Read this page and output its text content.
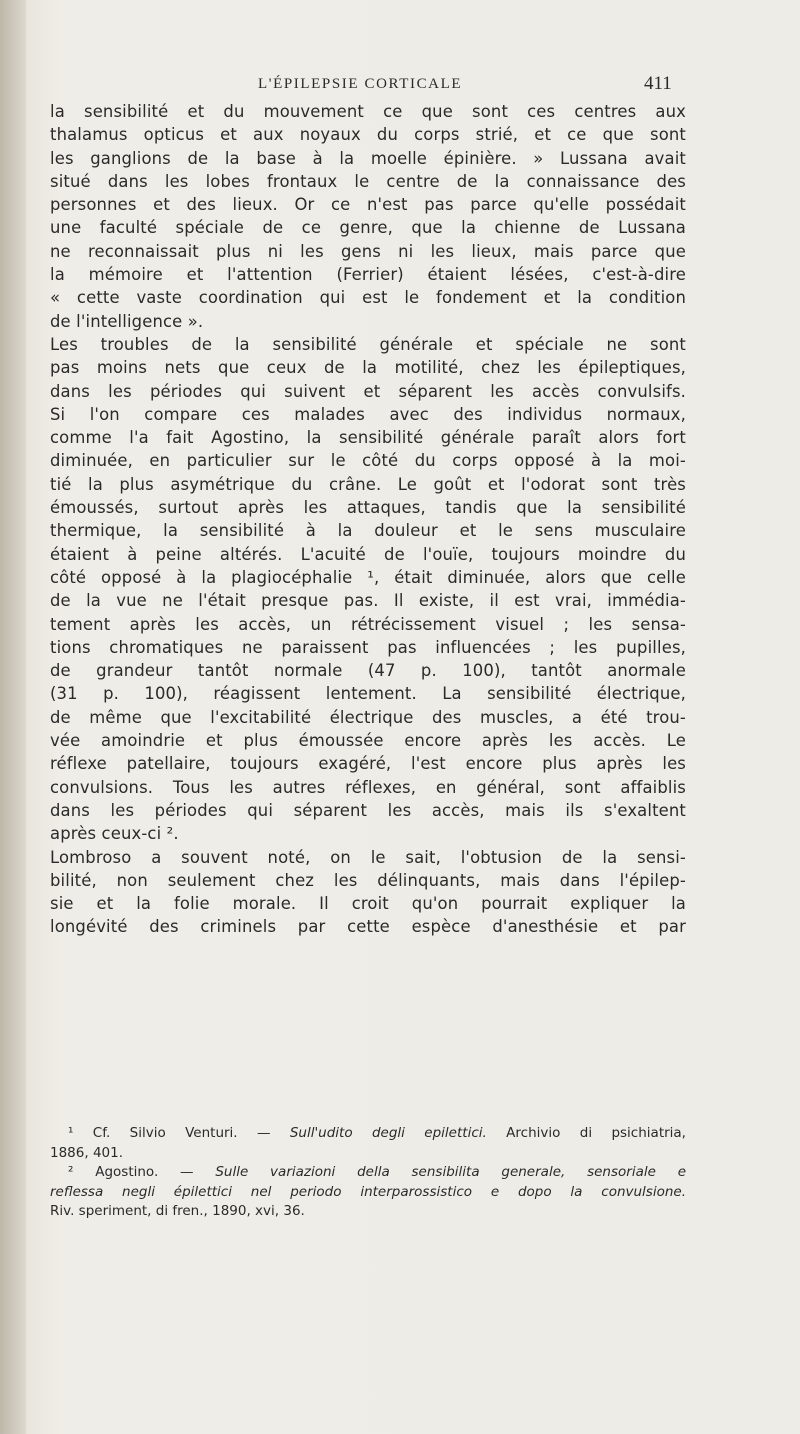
L'ÉPILEPSIE CORTICALE	411
la sensibilité et du mouvement ce que sont ces centres aux
thalamus opticus et aux noyaux du corps strié, et ce que sont
les ganglions de la base à la moelle épinière. » Lussana avait
situé dans les lobes frontaux le centre de la connaissance des
personnes et des lieux. Or ce n'est pas parce qu'elle possédait
une faculté spéciale de ce genre, que la chienne de Lussana
ne reconnaissait plus ni les gens ni les lieux, mais parce que
la mémoire et l'attention (Ferrier) étaient lésées, c'est-à-dire
« cette vaste coordination qui est le fondement et la condition
de l'intelligence ».
Les troubles de la sensibilité générale et spéciale ne sont
pas moins nets que ceux de la motilité, chez les épileptiques,
dans les périodes qui suivent et séparent les accès convulsifs.
Si l'on compare ces malades avec des individus normaux,
comme l'a fait Agostino, la sensibilité générale paraît alors fort
diminuée, en particulier sur le côté du corps opposé à la moi-
tié la plus asymétrique du crâne. Le goût et l'odorat sont très
émoussés, surtout après les attaques, tandis que la sensibilité
thermique, la sensibilité à la douleur et le sens musculaire
étaient à peine altérés. L'acuité de l'ouïe, toujours moindre du
côté opposé à la plagiocéphalie ¹, était diminuée, alors que celle
de la vue ne l'était presque pas. Il existe, il est vrai, immédia-
tement après les accès, un rétrécissement visuel ; les sensa-
tions chromatiques ne paraissent pas influencées ; les pupilles,
de grandeur tantôt normale (47 p. 100), tantôt anormale
(31 p. 100), réagissent lentement. La sensibilité électrique,
de même que l'excitabilité électrique des muscles, a été trou-
vée amoindrie et plus émoussée encore après les accès. Le
réflexe patellaire, toujours exagéré, l'est encore plus après les
convulsions. Tous les autres réflexes, en général, sont affaiblis
dans les périodes qui séparent les accès, mais ils s'exaltent
après ceux-ci ².
Lombroso a souvent noté, on le sait, l'obtusion de la sensi-
bilité, non seulement chez les délinquants, mais dans l'épilep-
sie et la folie morale. Il croit qu'on pourrait expliquer la
longévité des criminels par cette espèce d'anesthésie et par
¹ Cf. Silvio Venturi. — Sull'udito degli epilettici. Archivio di psichiatria,
1886, 401.
² Agostino. — Sulle variazioni della sensibilita generale, sensoriale e
reflessa negli épilettici nel periodo interparossistico e dopo la convulsione.
Riv. speriment, di fren., 1890, xvi, 36.
